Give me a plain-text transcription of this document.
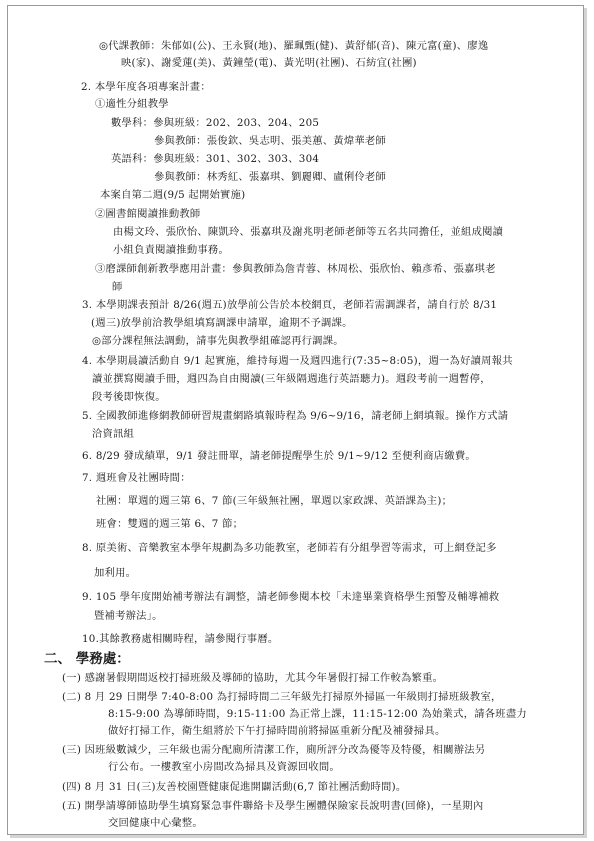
◎代課教師：朱郁如(公)、王永賢(地)、羅珮甄(健)、黃舒郁(音)、陳元富(童)、廖逸
映(家)、謝愛蓮(美)、黃鐘瑩(電)、黃光明(社團)、石紡宜(社團)
2. 本學年度各項專案計畫：
①適性分組教學
數學科：參與班級：202、203、204、205
參與教師：張俊欽、吳志明、張美蕙、黃煒華老師
英語科：參與班級：301、302、303、304
參與教師：林秀紅、張嘉琪、劉麗卿、盧俐伶老師
本案自第二週(9/5 起開始實施)
②圖書館閱讀推動教師
由楊文玲、張欣怡、陳凱玲、張嘉琪及謝兆明老師老師等五名共同擔任，並組成閱讀
小組負責閱讀推動事務。
③磨課師創新教學應用計畫：參與教師為詹青蓉、林周松、張欣怡、賴彥希、張嘉琪老
師
3. 本學期課表預計 8/26(週五)放學前公告於本校網頁，老師若需調課者，請自行於 8/31
(週三)放學前洽教學組填寫調課申請單，逾期不予調課。
◎部分課程無法調動，請事先與教學組確認再行調課。
4. 本學期晨讀活動自 9/1 起實施，維持每週一及週四進行(7:35~8:05)，週一為好讀周報共
讀並撰寫閱讀手冊，週四為自由閱讀(三年級隔週進行英語聽力)。週段考前一週暫停，
段考後即恢復。
5. 全國教師進修網教師研習規畫網路填報時程為 9/6~9/16，請老師上網填報。操作方式請
洽資訊組
6. 8/29 發成績單，9/1 發註冊單，請老師提醒學生於 9/1~9/12 至便利商店繳費。
7. 週班會及社團時間：
社團：單週的週三第 6、7 節(三年級無社團，單週以家政課、英語課為主)；
班會：雙週的週三第 6、7 節；
8. 原美術、音樂教室本學年規劃為多功能教室，老師若有分組學習等需求，可上網登記多
加利用。
9. 105 學年度開始補考辦法有調整，請老師參閱本校「未達畢業資格學生預警及輔導補救
暨補考辦法」。
10.其餘教務處相關時程，請參閱行事曆。
二、 學務處：
(一) 感謝暑假期間返校打掃班級及導師的協助，尤其今年暑假打掃工作較為繁重。
(二) 8 月 29 日開學 7:40-8:00 為打掃時間二三年級先打掃原外掃區一年級則打掃班級教室，
8:15-9:00 為導師時間，9:15-11:00 為正常上課，11:15-12:00 為始業式，請各班盡力
做好打掃工作，衛生組將於下午打掃時間前將掃區重新分配及補發掃具。
(三) 因班級數減少，三年級也需分配廁所清潔工作，廁所評分改為優等及特優，相關辦法另
行公布。一樓教室小房間改為掃具及資源回收間。
(四) 8 月 31 日(三)友善校園暨健康促進開闢活動(6,7 節社團活動時間)。
(五) 開學請導師協助學生填寫緊急事件聯絡卡及學生團體保險家長說明書(回條)，一星期內
交回健康中心彙整。
